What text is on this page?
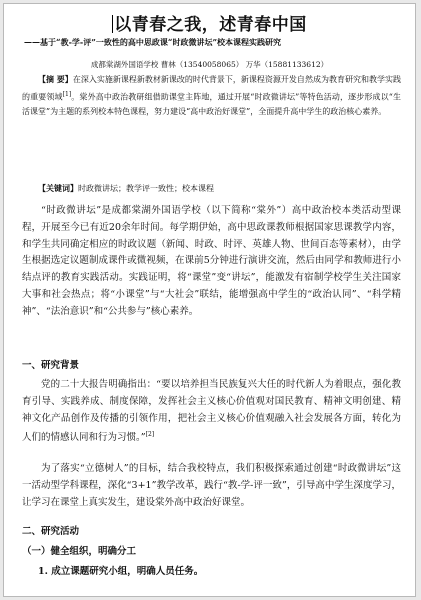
以青春之我，述青春中国
——基于“教-学-评”一致性的高中思政课“时政微讲坛”校本课程实践研究
成都棠湖外国语学校 曹林（13540058065） 万华（15881133612）

【摘 要】在深入实施新课程新教材新课改的时代背景下，新课程资源开发自然成为教育研究和教学实践的重要领域[1]。棠外高中政治教研组借助课堂主阵地，通过开展“时政微讲坛”等特色活动，逐步形成以“生活课堂”为主题的系列校本特色课程，努力建设“高中政治好课堂”，全面提升高中学生的政治核心素养。

【关键词】时政微讲坛；教学评一致性；校本课程

“时政微讲坛”是成都棠湖外国语学校（以下简称“棠外”）高中政治校本类活动型课程，开展至今已有近20余年时间。每学期伊始，高中思政课教师根据国家思课教学内容，和学生共同确定相应的时政议题（新闻、时政、时评、英雄人物、世间百态等素材），由学生根据选定议题制成课件或微视频，在课前5分钟进行演讲交流，然后由同学和教师进行小结点评的教育实践活动。实践证明，将“课堂”变“讲坛”，能激发有宿制学校学生关注国家大事和社会热点；将“小课堂”与“大社会”联结，能增强高中学生的“政治认同”、“科学精神”、“法治意识”和“公共参与”核心素养。

一、研究背景

党的二十大报告明确指出：“要以培养担当民族复兴大任的时代新人为着眼点，强化教育引导、实践养成、制度保障，发挥社会主义核心价值观对国民教育、精神文明创建、精神文化产品创作及传播的引领作用，把社会主义核心价值观融入社会发展各方面，转化为人们的情感认同和行为习惯。”[2]

为了落实“立德树人”的目标，结合我校特点，我们积极探索通过创建“时政微讲坛”这一活动型学科课程，深化“3+1”教学改革，践行“教-学-评一致”，引导高中学生深度学习，让学习在课堂上真实发生，建设棠外高中政治好课堂。

二、研究活动
（一）健全组织，明确分工
1. 成立课题研究小组，明确人员任务。
